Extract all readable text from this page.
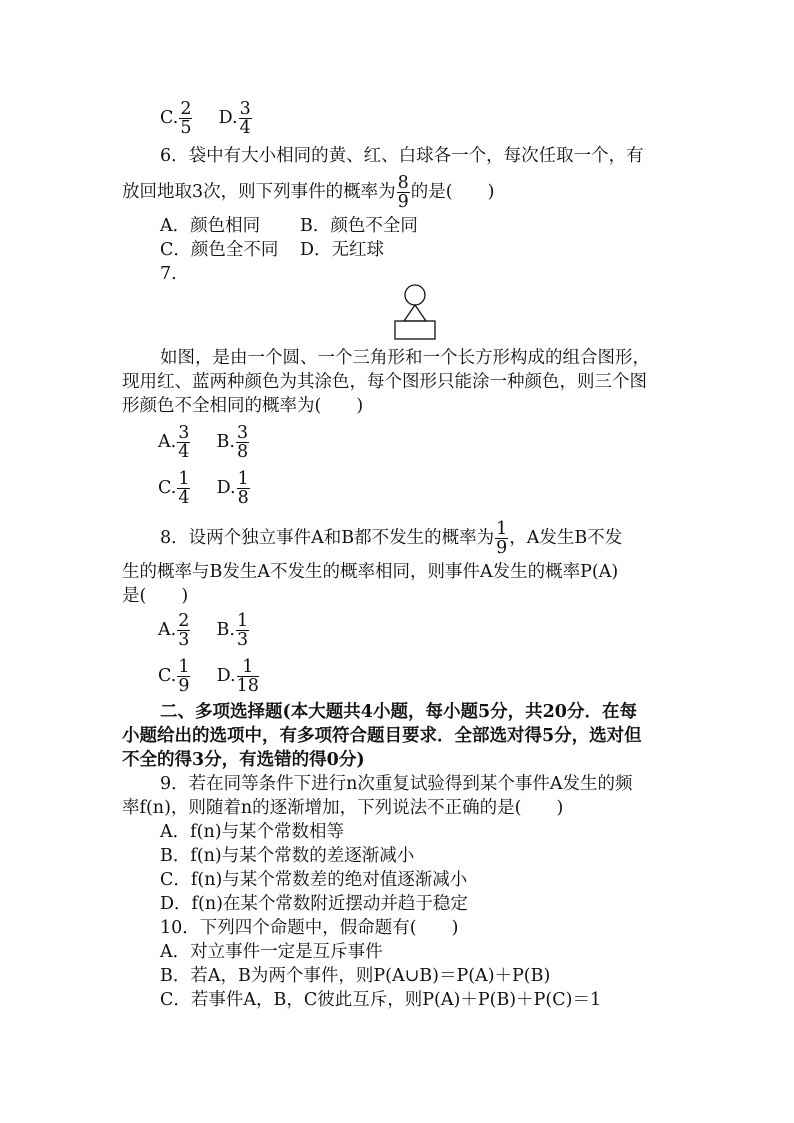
C. $\frac{2}{5} D$. $\frac{3}{4}$
6．袋中有大小相同的黄、红、白球各一个，每次任取一个，有
放回地取3次，则下列事件的概率为 $\frac{8}{9}$ 的是(　　)
A．颜色相同 B．颜色不全同
C．颜色全不同 D．无红球
7.
如图，是由一个圆、一个三角形和一个长方形构成的组合图形，
现用红、蓝两种颜色为其涂色，每个图形只能涂一种颜色，则三个图
形颜色不全相同的概率为(　　)
A. $\frac{3}{4} B$. $\frac{3}{8}$
C. $\frac{1}{4} D$. $\frac{1}{8}$
8．设两个独立事件A和B都不发生的概率为 $\frac{1}{9}$ ，A发生B不发
生的概率与B发生A不发生的概率相同，则事件A发生的概率P(A)
是(　　)
A. $\frac{2}{3} B$. $\frac{1}{3}$
C. $\frac{1}{9} D$. $\frac{1}{18}$
二、多项选择题(本大题共4小题，每小题5分，共20分．在每
小题给出的选项中，有多项符合题目要求．全部选对得5分，选对但
不全的得3分，有选错的得0分)
9．若在同等条件下进行n次重复试验得到某个事件A发生的频
率f(n)，则随着n的逐渐增加，下列说法不正确的是(　　)
A．f(n)与某个常数相等
B．f(n)与某个常数的差逐渐减小
C．f(n)与某个常数差的绝对值逐渐减小
D．f(n)在某个常数附近摆动并趋于稳定
10．下列四个命题中，假命题有(　　)
A．对立事件一定是互斥事件
B．若A，B为两个事件，则P(A∪B)＝P(A)＋P(B)
C．若事件A，B，C彼此互斥，则P(A)＋P(B)＋P(C)＝1
